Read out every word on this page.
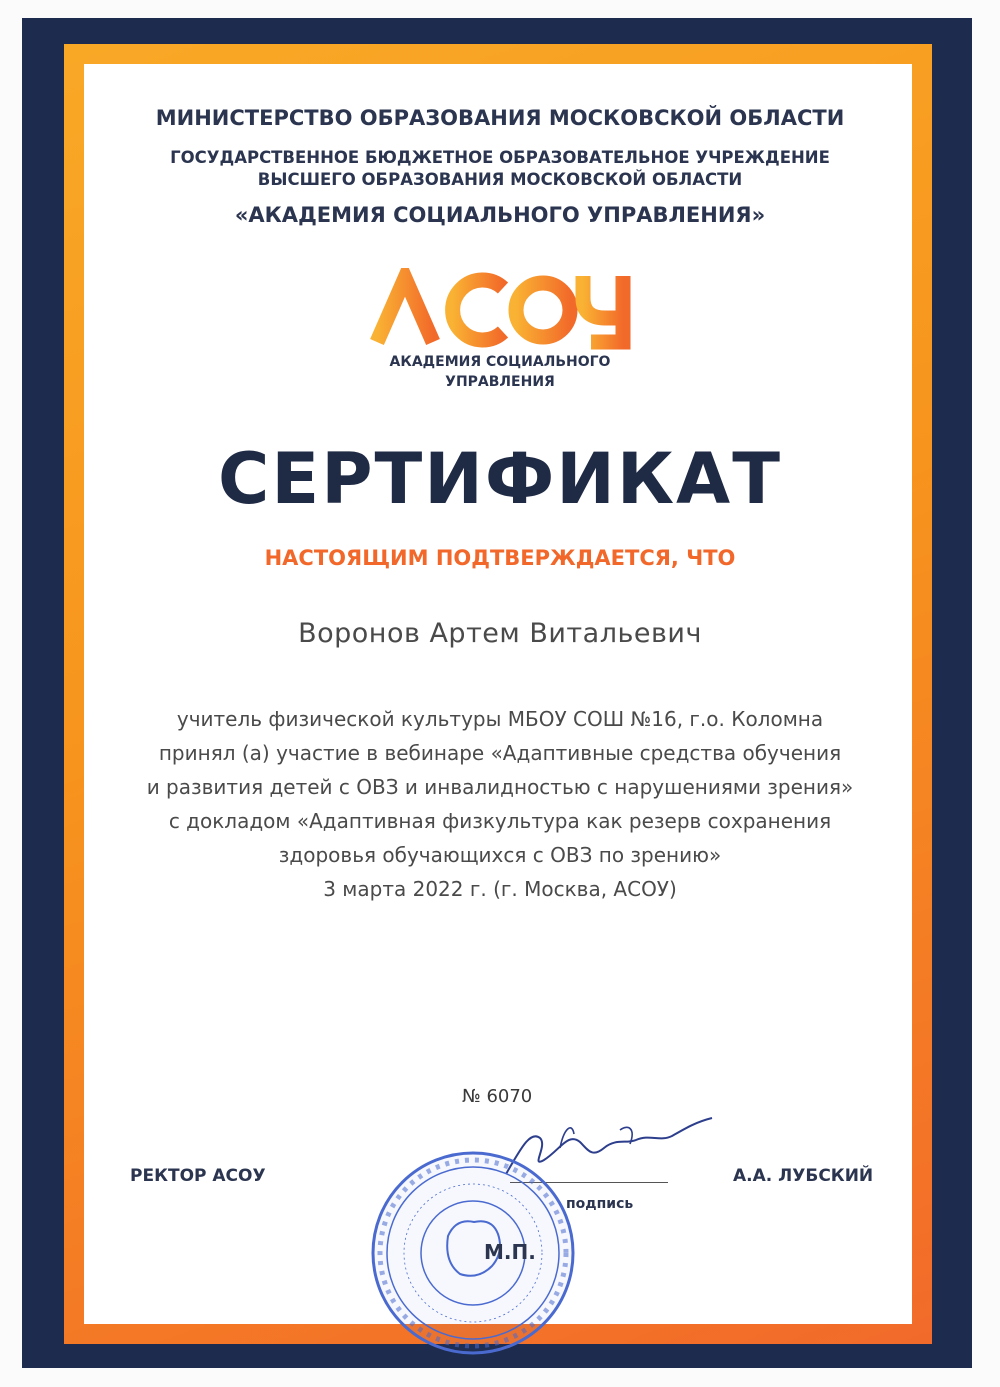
МИНИСТЕРСТВО ОБРАЗОВАНИЯ МОСКОВСКОЙ ОБЛАСТИ
ГОСУДАРСТВЕННОЕ БЮДЖЕТНОЕ ОБРАЗОВАТЕЛЬНОЕ УЧРЕЖДЕНИЕ
ВЫСШЕГО ОБРАЗОВАНИЯ МОСКОВСКОЙ ОБЛАСТИ
«АКАДЕМИЯ СОЦИАЛЬНОГО УПРАВЛЕНИЯ»
АКАДЕМИЯ СОЦИАЛЬНОГО
УПРАВЛЕНИЯ
СЕРТИФИКАТ
НАСТОЯЩИМ ПОДТВЕРЖДАЕТСЯ, ЧТО
Воронов Артем Витальевич
учитель физической культуры МБОУ СОШ №16, г.о. Коломна
принял (а) участие в вебинаре «Адаптивные средства обучения
и развития детей с ОВЗ и инвалидностью с нарушениями зрения»
с докладом «Адаптивная физкультура как резерв сохранения
здоровья обучающихся с ОВЗ по зрению»
3 марта 2022 г. (г. Москва, АСОУ)
№ 6070
РЕКТОР АСОУ
подпись
А.А. ЛУБСКИЙ
М.П.
